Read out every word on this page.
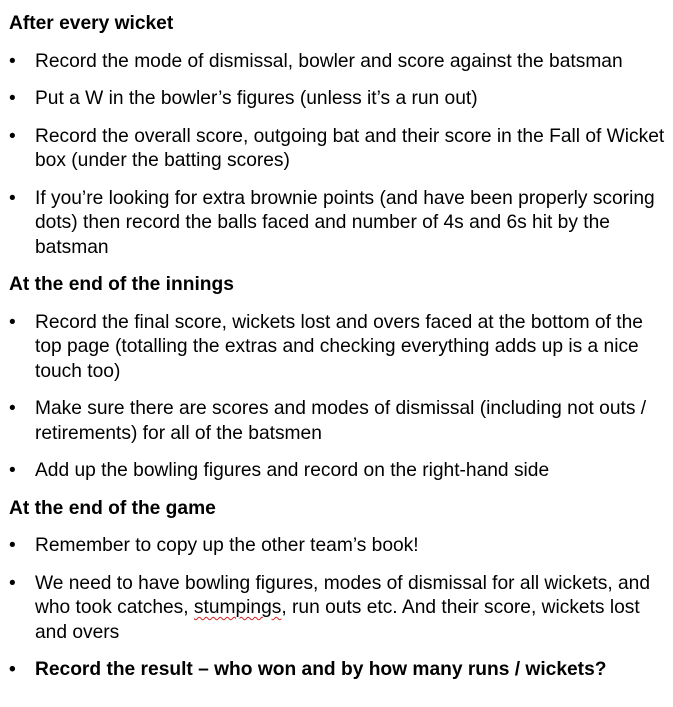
After every wicket

•	Record the mode of dismissal, bowler and score against the batsman
•	Put a W in the bowler’s figures (unless it’s a run out)
•	Record the overall score, outgoing bat and their score in the Fall of Wicket box (under the batting scores)
•	If you’re looking for extra brownie points (and have been properly scoring dots) then record the balls faced and number of 4s and 6s hit by the batsman

At the end of the innings

•	Record the final score, wickets lost and overs faced at the bottom of the top page (totalling the extras and checking everything adds up is a nice touch too)
•	Make sure there are scores and modes of dismissal (including not outs / retirements) for all of the batsmen
•	Add up the bowling figures and record on the right-hand side

At the end of the game

•	Remember to copy up the other team’s book!
•	We need to have bowling figures, modes of dismissal for all wickets, and who took catches, stumpings, run outs etc. And their score, wickets lost and overs
•	Record the result – who won and by how many runs / wickets?
